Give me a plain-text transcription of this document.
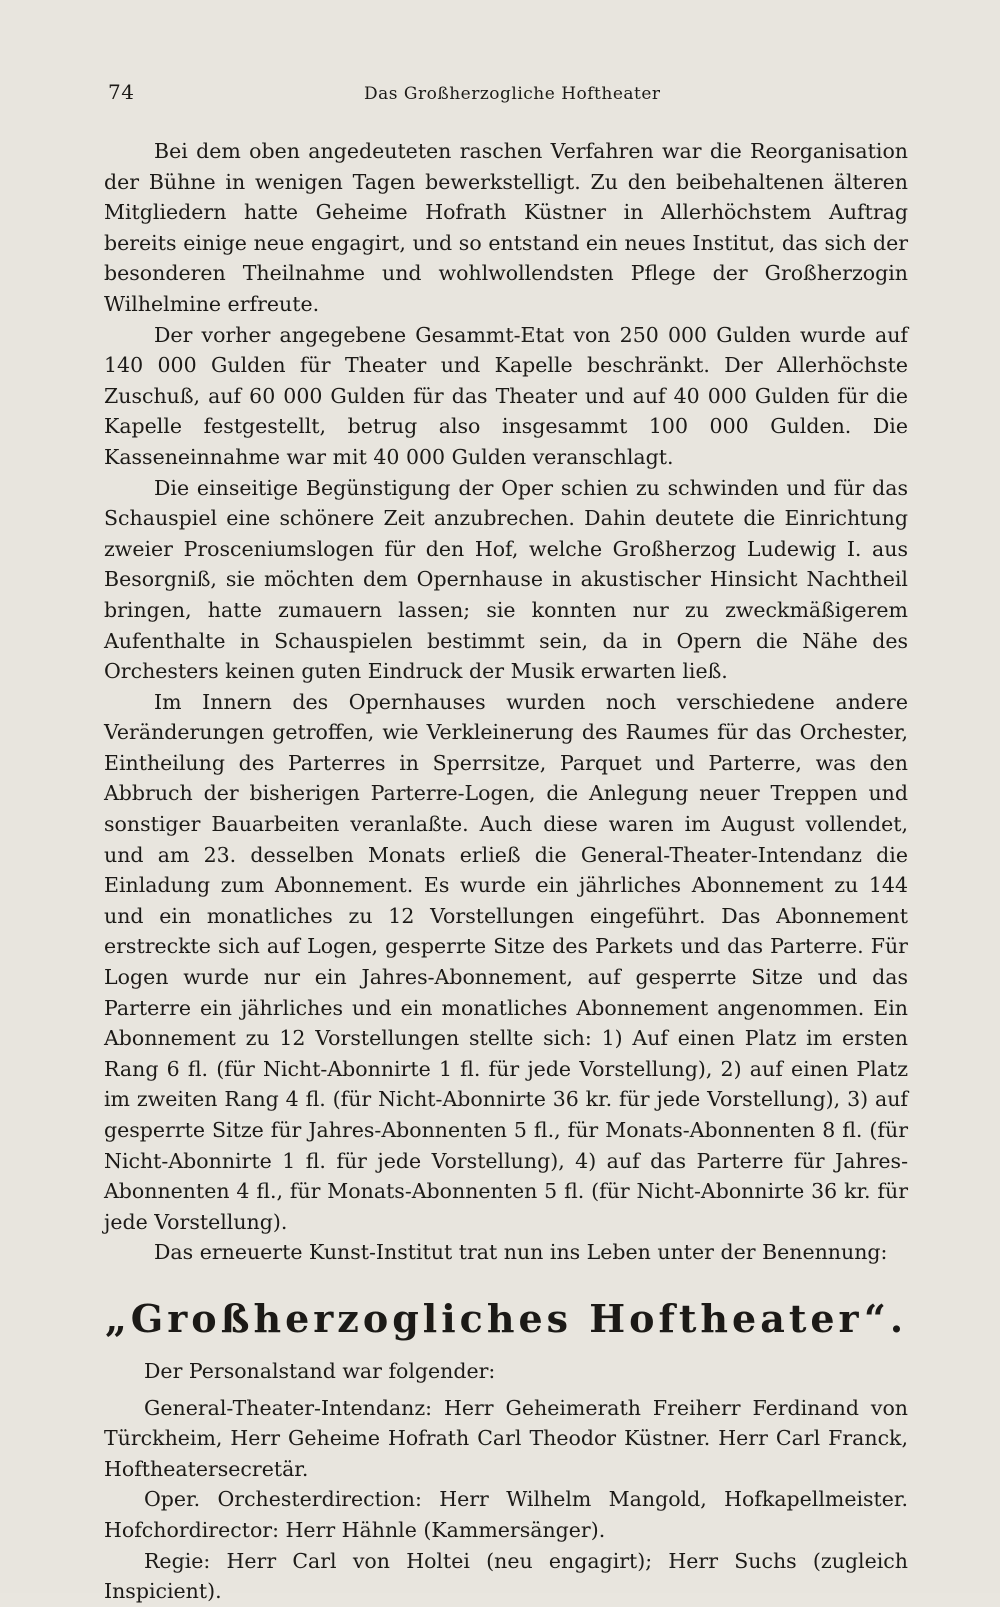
74	Das Großherzogliche Hoftheater

Bei dem oben angedeuteten raschen Verfahren war die Reorganisation der Bühne in wenigen Tagen bewerkstelligt. Zu den beibehaltenen älteren Mitgliedern hatte Geheime Hofrath Küstner in Allerhöchstem Auftrag bereits einige neue engagirt, und so entstand ein neues Institut, das sich der besonderen Theilnahme und wohlwollendsten Pflege der Großherzogin Wilhelmine erfreute.

Der vorher angegebene Gesammt-Etat von 250 000 Gulden wurde auf 140 000 Gulden für Theater und Kapelle beschränkt. Der Allerhöchste Zuschuß, auf 60 000 Gulden für das Theater und auf 40 000 Gulden für die Kapelle festgestellt, betrug also insgesammt 100 000 Gulden. Die Kasseneinnahme war mit 40 000 Gulden veranschlagt.

Die einseitige Begünstigung der Oper schien zu schwinden und für das Schauspiel eine schönere Zeit anzubrechen. Dahin deutete die Einrichtung zweier Prosceniumslogen für den Hof, welche Großherzog Ludewig I. aus Besorgniß, sie möchten dem Opernhause in akustischer Hinsicht Nachtheil bringen, hatte zumauern lassen; sie konnten nur zu zweckmäßigerem Aufenthalte in Schauspielen bestimmt sein, da in Opern die Nähe des Orchesters keinen guten Eindruck der Musik erwarten ließ.

Im Innern des Opernhauses wurden noch verschiedene andere Veränderungen getroffen, wie Verkleinerung des Raumes für das Orchester, Eintheilung des Parterres in Sperrsitze, Parquet und Parterre, was den Abbruch der bisherigen Parterre-Logen, die Anlegung neuer Treppen und sonstiger Bauarbeiten veranlaßte. Auch diese waren im August vollendet, und am 23. desselben Monats erließ die General-Theater-Intendanz die Einladung zum Abonnement. Es wurde ein jährliches Abonnement zu 144 und ein monatliches zu 12 Vorstellungen eingeführt. Das Abonnement erstreckte sich auf Logen, gesperrte Sitze des Parkets und das Parterre. Für Logen wurde nur ein Jahres-Abonnement, auf gesperrte Sitze und das Parterre ein jährliches und ein monatliches Abonnement angenommen. Ein Abonnement zu 12 Vorstellungen stellte sich: 1) Auf einen Platz im ersten Rang 6 fl. (für Nicht-Abonnirte 1 fl. für jede Vorstellung), 2) auf einen Platz im zweiten Rang 4 fl. (für Nicht-Abonnirte 36 kr. für jede Vorstellung), 3) auf gesperrte Sitze für Jahres-Abonnenten 5 fl., für Monats-Abonnenten 8 fl. (für Nicht-Abonnirte 1 fl. für jede Vorstellung), 4) auf das Parterre für Jahres-Abonnenten 4 fl., für Monats-Abonnenten 5 fl. (für Nicht-Abonnirte 36 kr. für jede Vorstellung).

Das erneuerte Kunst-Institut trat nun ins Leben unter der Benennung:

„Großherzogliches Hoftheater“.

Der Personalstand war folgender:

General-Theater-Intendanz: Herr Geheimerath Freiherr Ferdinand von Türckheim, Herr Geheime Hofrath Carl Theodor Küstner. Herr Carl Franck, Hoftheatersecretär.

Oper. Orchesterdirection: Herr Wilhelm Mangold, Hofkapellmeister. Hofchordirector: Herr Hähnle (Kammersänger).

Regie: Herr Carl von Holtei (neu engagirt); Herr Suchs (zugleich Inspicient).
